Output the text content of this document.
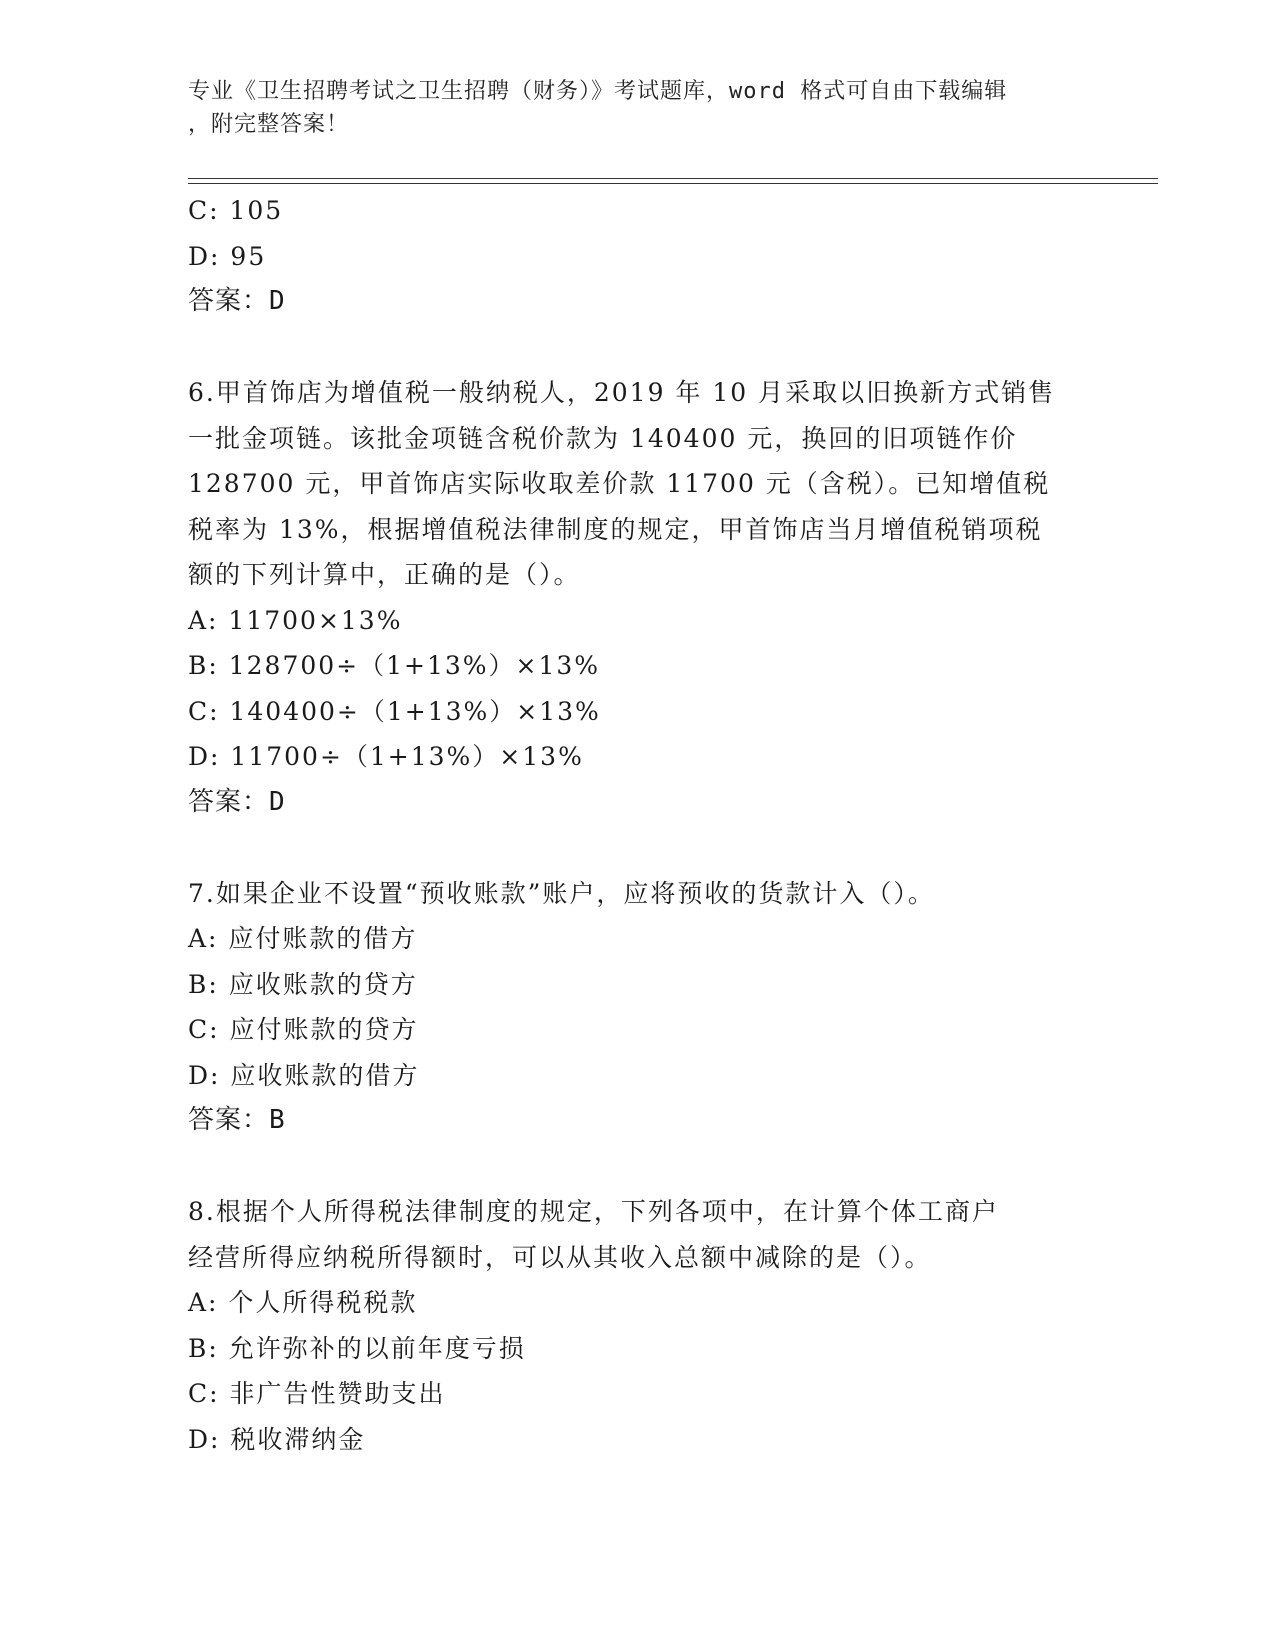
专业《卫生招聘考试之卫生招聘（财务）》考试题库，word 格式可自由下载编辑
，附完整答案！
C: 105
D: 95
答案：D
6.甲首饰店为增值税一般纳税人，2019 年 10 月采取以旧换新方式销售
一批金项链。该批金项链含税价款为 140400 元，换回的旧项链作价
128700 元，甲首饰店实际收取差价款 11700 元（含税）。已知增值税
税率为 13%，根据增值税法律制度的规定，甲首饰店当月增值税销项税
额的下列计算中，正确的是（）。
A: 11700×13%
B: 128700÷（1+13%）×13%
C: 140400÷（1+13%）×13%
D: 11700÷（1+13%）×13%
答案：D
7.如果企业不设置“预收账款”账户，应将预收的货款计入（）。
A: 应付账款的借方
B: 应收账款的贷方
C: 应付账款的贷方
D: 应收账款的借方
答案：B
8.根据个人所得税法律制度的规定，下列各项中，在计算个体工商户
经营所得应纳税所得额时，可以从其收入总额中减除的是（）。
A: 个人所得税税款
B: 允许弥补的以前年度亏损
C: 非广告性赞助支出
D: 税收滞纳金
